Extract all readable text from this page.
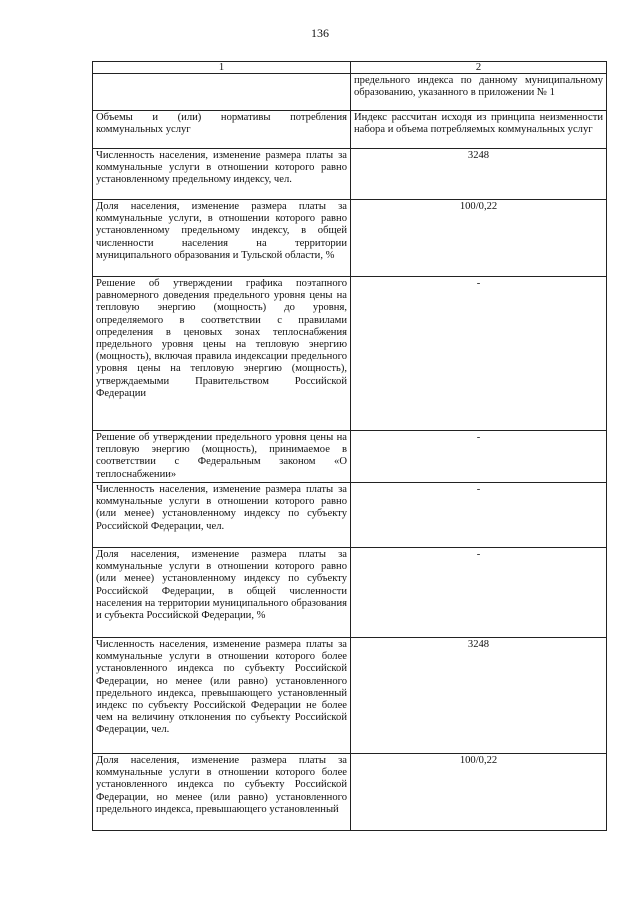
136
1	2
	предельного индекса по данному муниципальному образованию, указанного в приложении № 1
Объемы и (или) нормативы потребления коммунальных услуг	Индекс рассчитан исходя из принципа неизменности набора и объема потребляемых коммунальных услуг
Численность населения, изменение размера платы за коммунальные услуги в отношении которого равно установленному предельному индексу, чел.	3248
Доля населения, изменение размера платы за коммунальные услуги, в отношении которого равно установленному предельному индексу, в общей численности населения на территории муниципального образования и Тульской области, %	100/0,22
Решение об утверждении графика поэтапного равномерного доведения предельного уровня цены на тепловую энергию (мощность) до уровня, определяемого в соответствии с правилами определения в ценовых зонах теплоснабжения предельного уровня цены на тепловую энергию (мощность), включая правила индексации предельного уровня цены на тепловую энергию (мощность), утверждаемыми Правительством Российской Федерации	-
Решение об утверждении предельного уровня цены на тепловую энергию (мощность), принимаемое в соответствии с Федеральным законом «О теплоснабжении»	-
Численность населения, изменение размера платы за коммунальные услуги в отношении которого равно (или менее) установленному индексу по субъекту Российской Федерации, чел.	-
Доля населения, изменение размера платы за коммунальные услуги в отношении которого равно (или менее) установленному индексу по субъекту Российской Федерации, в общей численности населения на территории муниципального образования и субъекта Российской Федерации, %	-
Численность населения, изменение размера платы за коммунальные услуги в отношении которого более установленного индекса по субъекту Российской Федерации, но менее (или равно) установленного предельного индекса, превышающего установленный индекс по субъекту Российской Федерации не более чем на величину отклонения по субъекту Российской Федерации, чел.	3248
Доля населения, изменение размера платы за коммунальные услуги в отношении которого более установленного индекса по субъекту Российской Федерации, но менее (или равно) установленного предельного индекса, превышающего установленный	100/0,22
